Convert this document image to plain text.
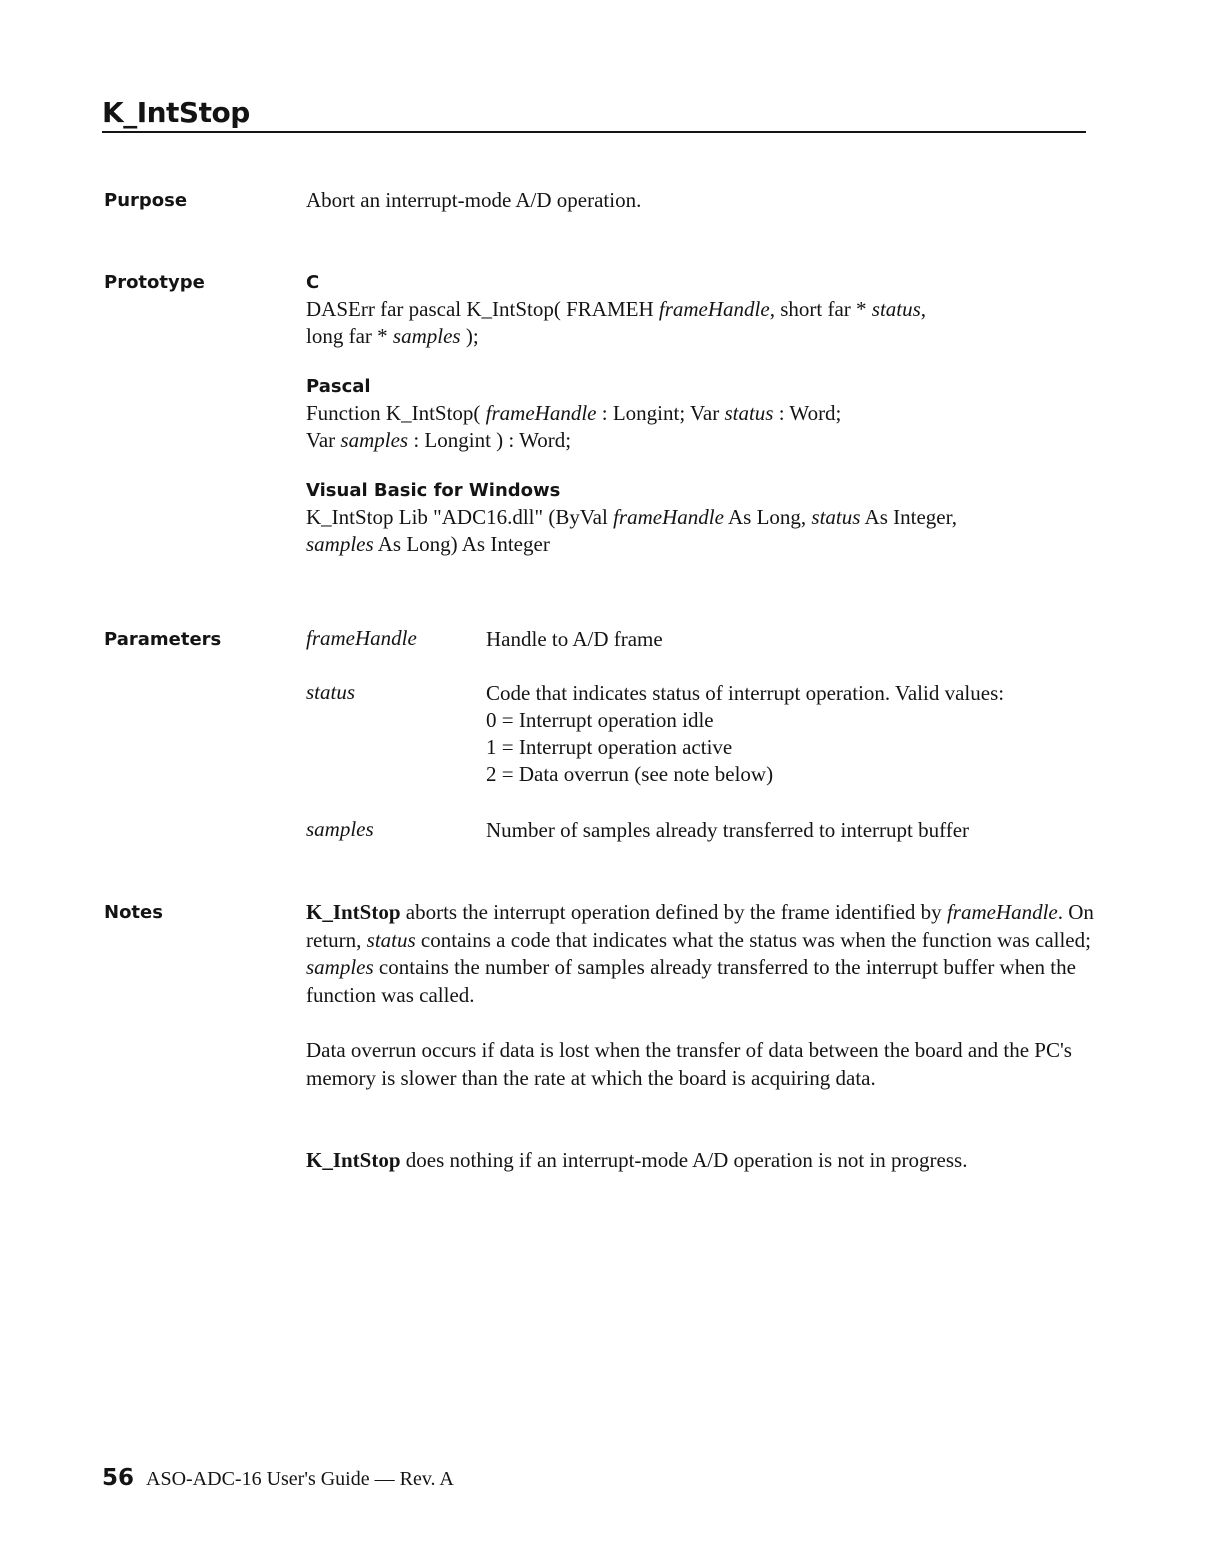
K_IntStop
Purpose	Abort an interrupt-mode A/D operation.
Prototype	C
DASErr far pascal K_IntStop( FRAMEH frameHandle, short far * status,
long far * samples );
Pascal
Function K_IntStop( frameHandle : Longint; Var status : Word;
Var samples : Longint ) : Word;
Visual Basic for Windows
K_IntStop Lib "ADC16.dll" (ByVal frameHandle As Long, status As Integer,
samples As Long) As Integer
Parameters	frameHandle	Handle to A/D frame
status	Code that indicates status of interrupt operation. Valid values:
0 = Interrupt operation idle
1 = Interrupt operation active
2 = Data overrun (see note below)
samples	Number of samples already transferred to interrupt buffer
Notes	K_IntStop aborts the interrupt operation defined by the frame identified by frameHandle. On return, status contains a code that indicates what the status was when the function was called; samples contains the number of samples already transferred to the interrupt buffer when the function was called.
Data overrun occurs if data is lost when the transfer of data between the board and the PC's memory is slower than the rate at which the board is acquiring data.
K_IntStop does nothing if an interrupt-mode A/D operation is not in progress.
56 ASO-ADC-16 User's Guide — Rev. A
